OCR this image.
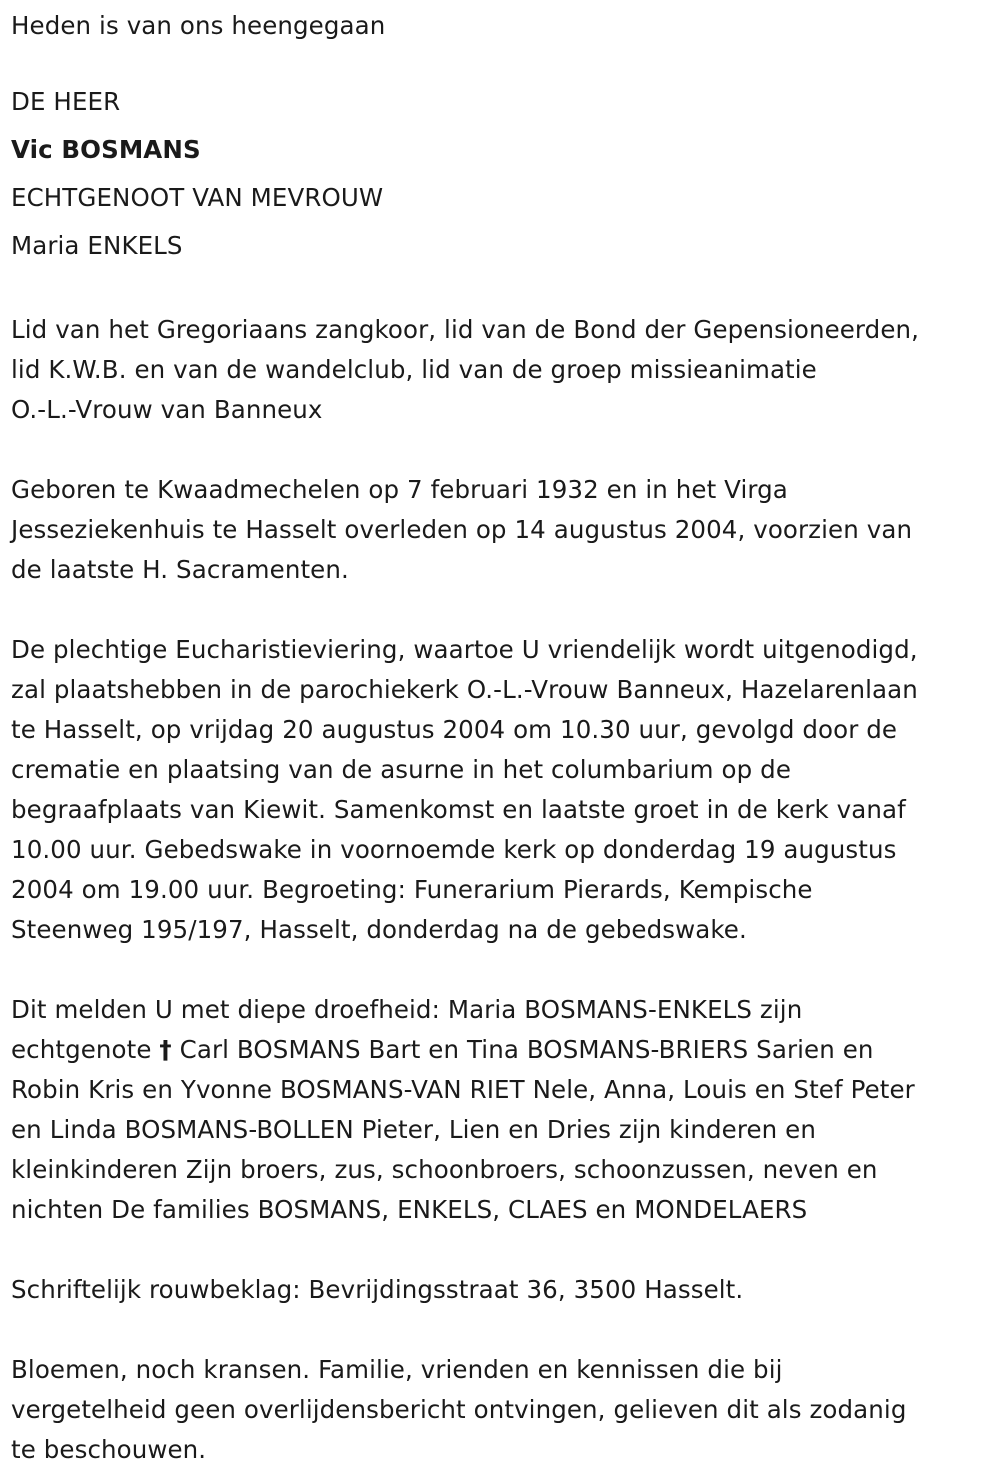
Heden is van ons heengegaan

DE HEER

Vic BOSMANS

ECHTGENOOT VAN MEVROUW

Maria ENKELS

Lid van het Gregoriaans zangkoor, lid van de Bond der Gepensioneerden,
lid K.W.B. en van de wandelclub, lid van de groep missieanimatie
O.-L.-Vrouw van Banneux
Geboren te Kwaadmechelen op 7 februari 1932 en in het Virga
Jesseziekenhuis te Hasselt overleden op 14 augustus 2004, voorzien van
de laatste H. Sacramenten.
De plechtige Eucharistieviering, waartoe U vriendelijk wordt uitgenodigd,
zal plaatshebben in de parochiekerk O.-L.-Vrouw Banneux, Hazelarenlaan
te Hasselt, op vrijdag 20 augustus 2004 om 10.30 uur, gevolgd door de
crematie en plaatsing van de asurne in het columbarium op de
begraafplaats van Kiewit. Samenkomst en laatste groet in de kerk vanaf
10.00 uur. Gebedswake in voornoemde kerk op donderdag 19 augustus
2004 om 19.00 uur. Begroeting: Funerarium Pierards, Kempische
Steenweg 195/197, Hasselt, donderdag na de gebedswake.
Dit melden U met diepe droefheid: Maria BOSMANS-ENKELS zijn
echtgenote † Carl BOSMANS Bart en Tina BOSMANS-BRIERS Sarien en
Robin Kris en Yvonne BOSMANS-VAN RIET Nele, Anna, Louis en Stef Peter
en Linda BOSMANS-BOLLEN Pieter, Lien en Dries zijn kinderen en
kleinkinderen Zijn broers, zus, schoonbroers, schoonzussen, neven en
nichten De families BOSMANS, ENKELS, CLAES en MONDELAERS

Schriftelijk rouwbeklag: Bevrijdingsstraat 36, 3500 Hasselt.

Bloemen, noch kransen. Familie, vrienden en kennissen die bij
vergetelheid geen overlijdensbericht ontvingen, gelieven dit als zodanig
te beschouwen.
